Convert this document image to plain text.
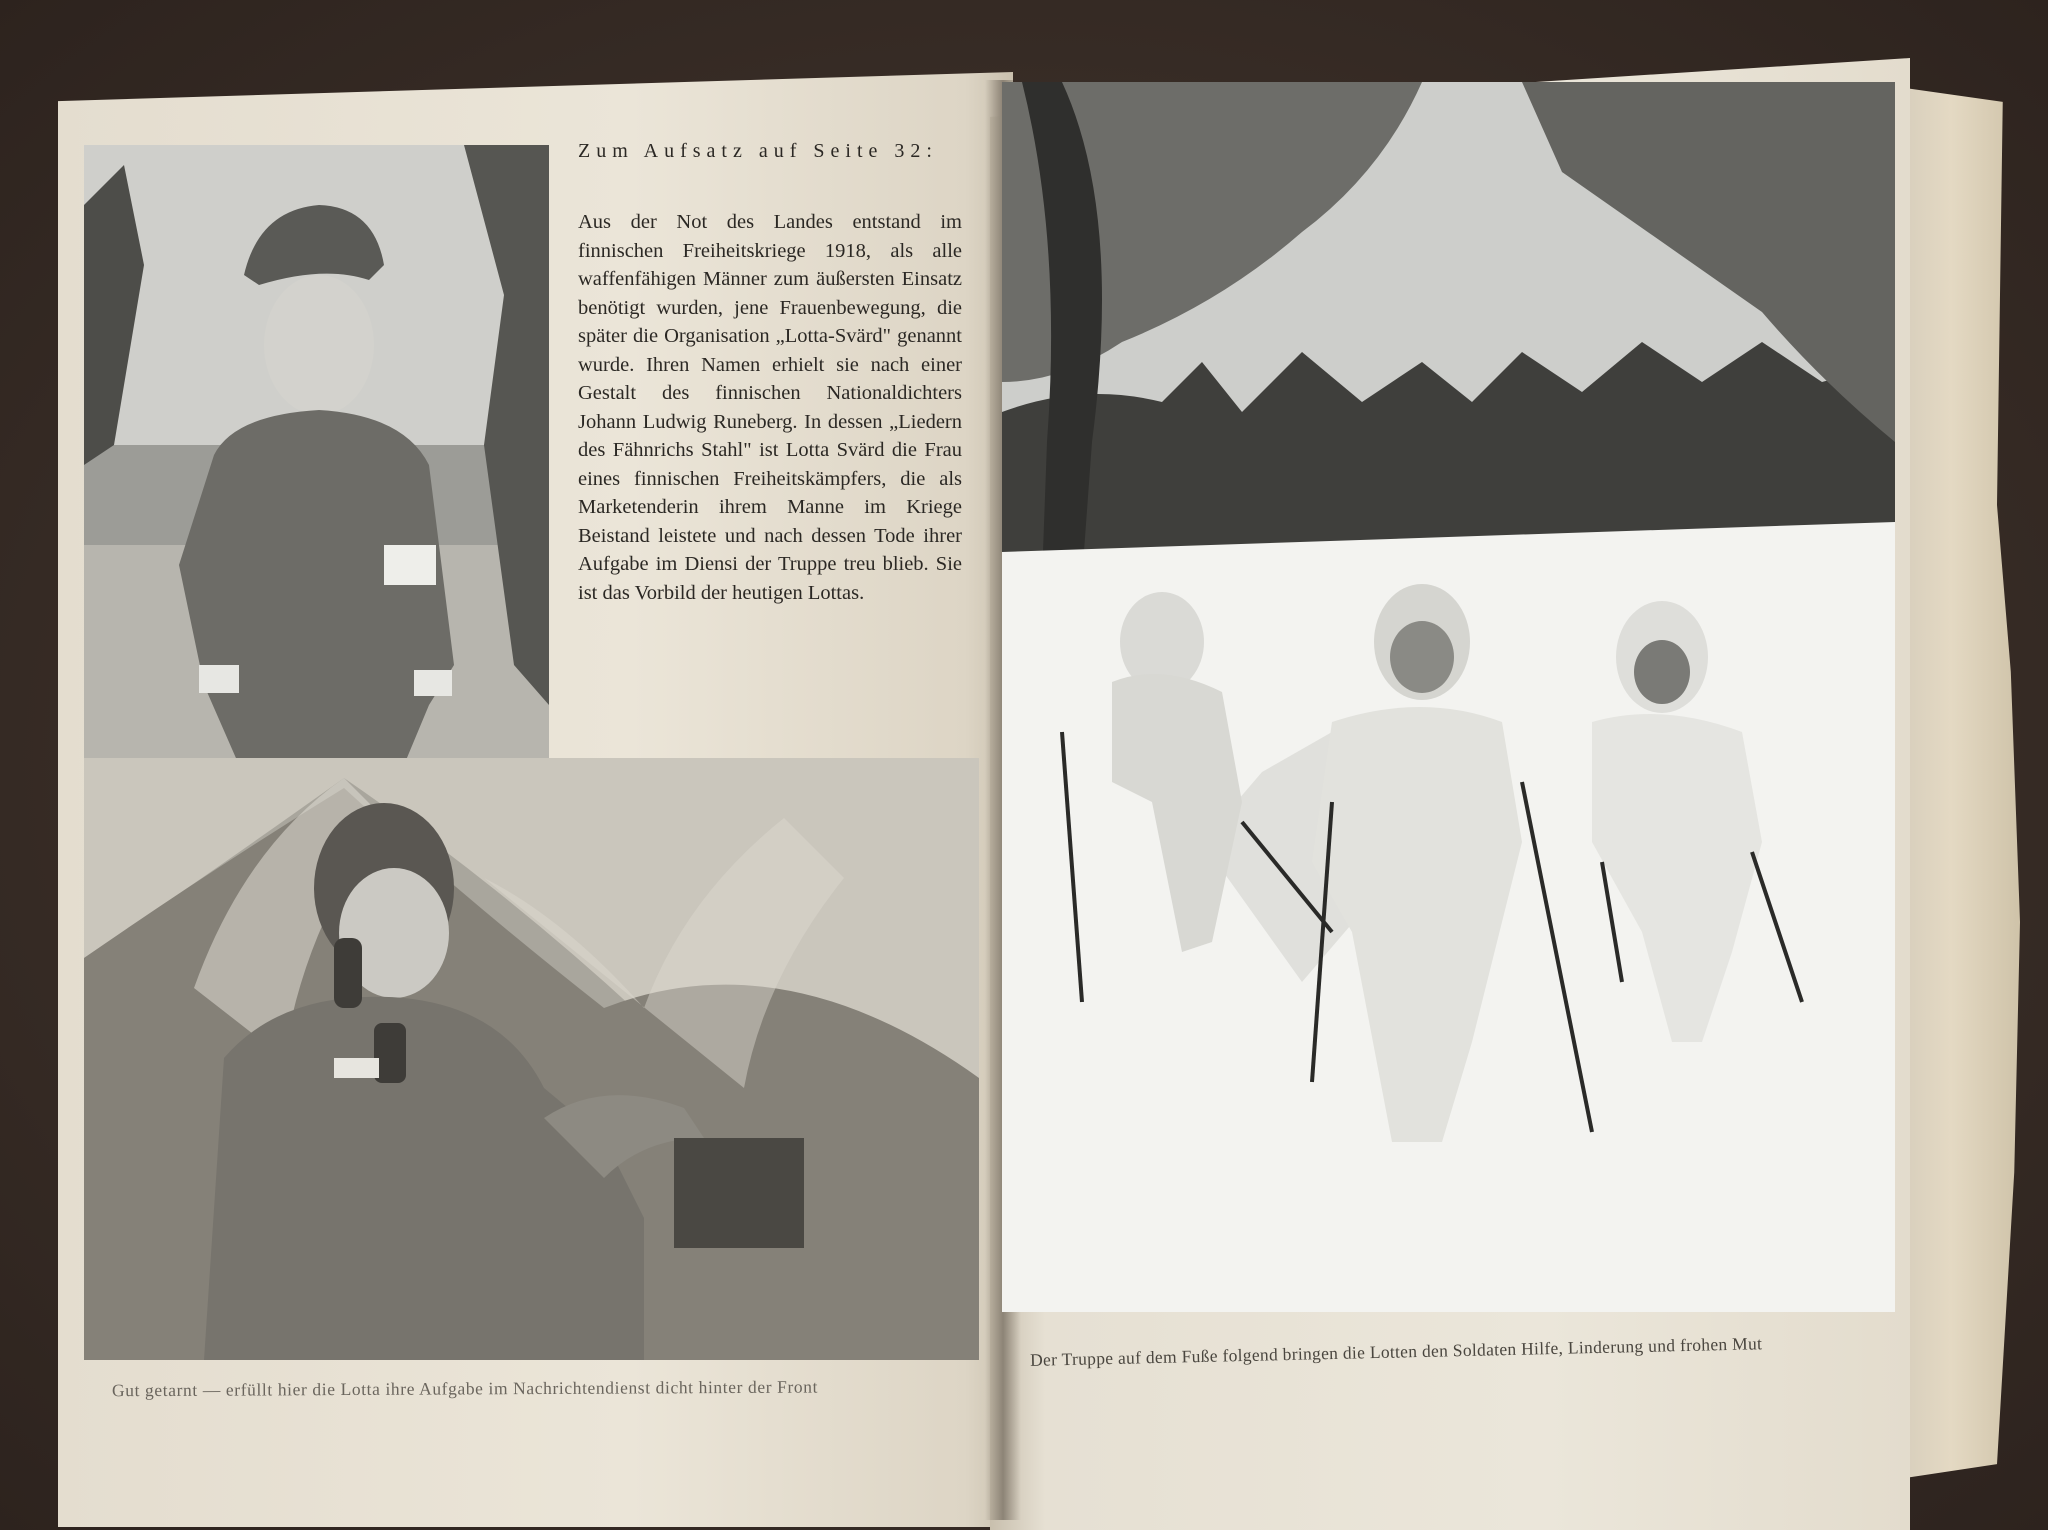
Zum Aufsatz auf Seite 32:
Aus der Not des Landes entstand im finnischen Freiheitskriege 1918, als alle waffenfähigen Männer zum äußersten Einsatz benötigt wurden, jene Frauenbewegung, die später die Organisation „Lotta-Svärd" genannt wurde. Ihren Namen erhielt sie nach einer Gestalt des finnischen Nationaldichters Johann Ludwig Runeberg. In dessen „Liedern des Fähnrichs Stahl" ist Lotta Svärd die Frau eines finnischen Freiheitskämpfers, die als Marketenderin ihrem Manne im Kriege Beistand leistete und nach dessen Tode ihrer Aufgabe im Diensi der Truppe treu blieb. Sie ist das Vorbild der heutigen Lottas.
Gut getarnt — erfüllt hier die Lotta ihre Aufgabe im Nachrichtendienst dicht hinter der Front
Der Truppe auf dem Fuße folgend bringen die Lotten den Soldaten Hilfe, Linderung und frohen Mut
